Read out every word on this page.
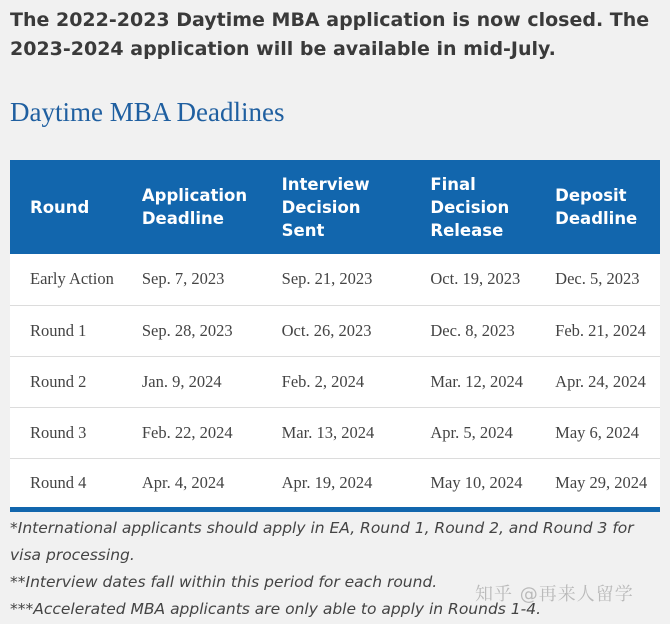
The 2022-2023 Daytime MBA application is now closed. The 2023-2024 application will be available in mid-July.
Daytime MBA Deadlines
Round	Application Deadline	Interview Decision Sent	Final Decision Release	Deposit Deadline
Early Action	Sep. 7, 2023	Sep. 21, 2023	Oct. 19, 2023	Dec. 5, 2023
Round 1	Sep. 28, 2023	Oct. 26, 2023	Dec. 8, 2023	Feb. 21, 2024
Round 2	Jan. 9, 2024	Feb. 2, 2024	Mar. 12, 2024	Apr. 24, 2024
Round 3	Feb. 22, 2024	Mar. 13, 2024	Apr. 5, 2024	May 6, 2024
Round 4	Apr. 4, 2024	Apr. 19, 2024	May 10, 2024	May 29, 2024

*International applicants should apply in EA, Round 1, Round 2, and Round 3 for visa processing.

**Interview dates fall within this period for each round.

***Accelerated MBA applicants are only able to apply in Rounds 1-4.

知乎 @再来人留学
